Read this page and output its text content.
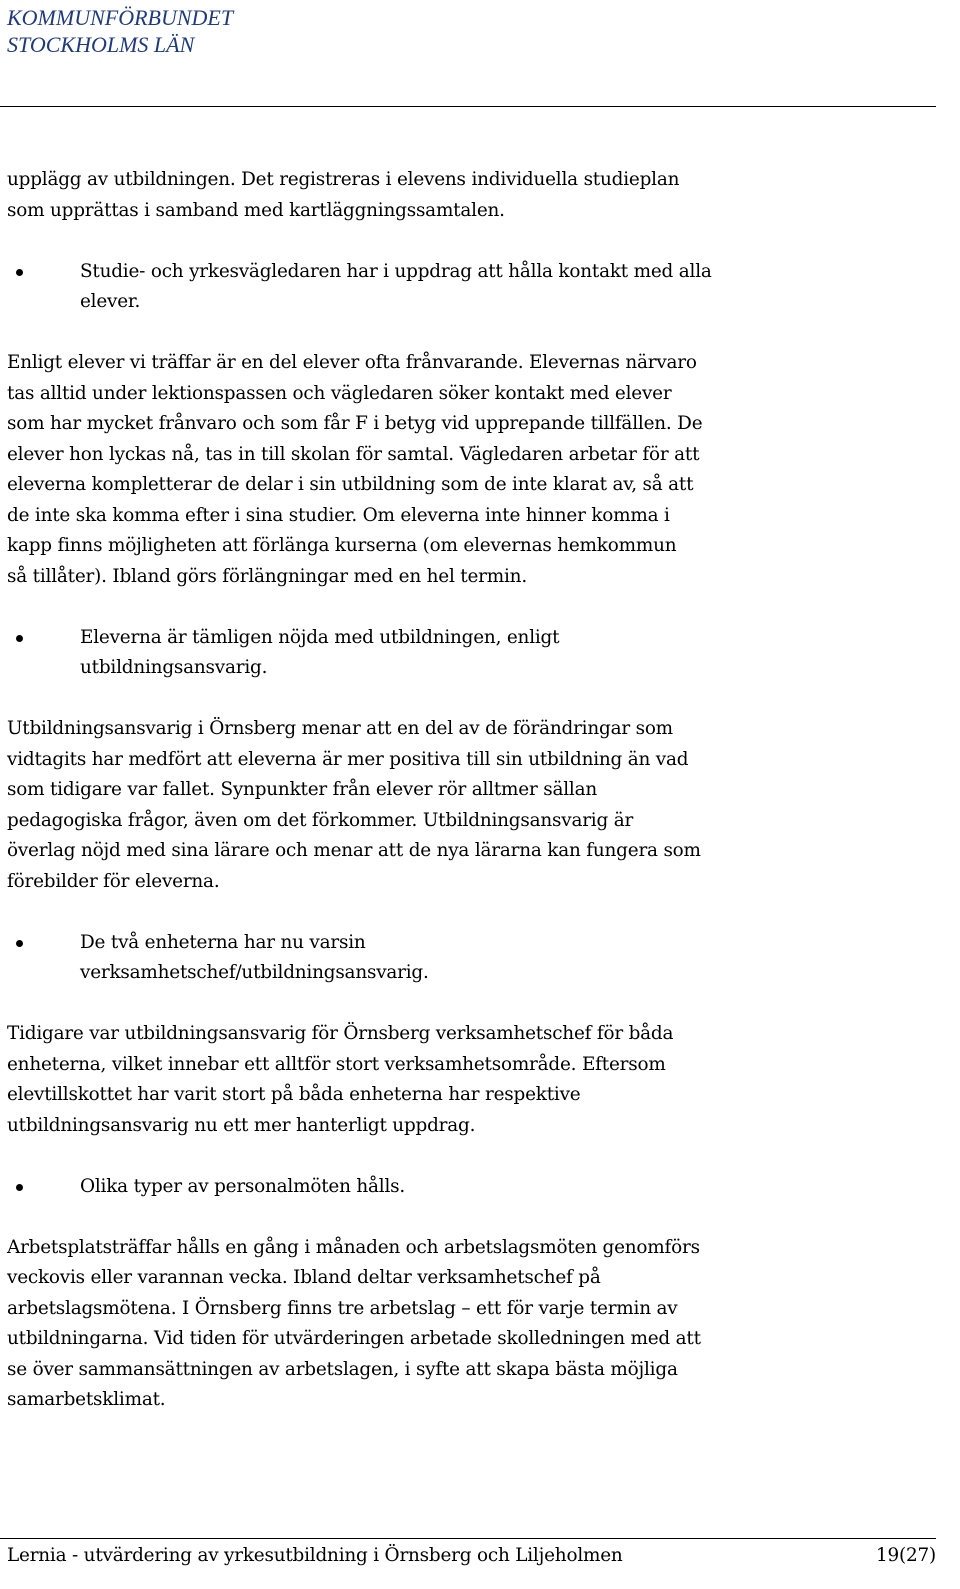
KOMMUNFÖRBUNDET
STOCKHOLMS LÄN
upplägg av utbildningen. Det registreras i elevens individuella studieplan
som upprättas i samband med kartläggningssamtalen.
Studie- och yrkesvägledaren har i uppdrag att hålla kontakt med alla
elever.
Enligt elever vi träffar är en del elever ofta frånvarande. Elevernas närvaro
tas alltid under lektionspassen och vägledaren söker kontakt med elever
som har mycket frånvaro och som får F i betyg vid upprepande tillfällen. De
elever hon lyckas nå, tas in till skolan för samtal. Vägledaren arbetar för att
eleverna kompletterar de delar i sin utbildning som de inte klarat av, så att
de inte ska komma efter i sina studier. Om eleverna inte hinner komma i
kapp finns möjligheten att förlänga kurserna (om elevernas hemkommun
så tillåter). Ibland görs förlängningar med en hel termin.
Eleverna är tämligen nöjda med utbildningen, enligt
utbildningsansvarig.
Utbildningsansvarig i Örnsberg menar att en del av de förändringar som
vidtagits har medfört att eleverna är mer positiva till sin utbildning än vad
som tidigare var fallet. Synpunkter från elever rör alltmer sällan
pedagogiska frågor, även om det förkommer. Utbildningsansvarig är
överlag nöjd med sina lärare och menar att de nya lärarna kan fungera som
förebilder för eleverna.
De två enheterna har nu varsin
verksamhetschef/utbildningsansvarig.
Tidigare var utbildningsansvarig för Örnsberg verksamhetschef för båda
enheterna, vilket innebar ett alltför stort verksamhetsområde. Eftersom
elevtillskottet har varit stort på båda enheterna har respektive
utbildningsansvarig nu ett mer hanterligt uppdrag.
Olika typer av personalmöten hålls.
Arbetsplatsträffar hålls en gång i månaden och arbetslagsmöten genomförs
veckovis eller varannan vecka. Ibland deltar verksamhetschef på
arbetslagsmötena. I Örnsberg finns tre arbetslag – ett för varje termin av
utbildningarna. Vid tiden för utvärderingen arbetade skolledningen med att
se över sammansättningen av arbetslagen, i syfte att skapa bästa möjliga
samarbetsklimat.
Lernia - utvärdering av yrkesutbildning i Örnsberg och Liljeholmen	19(27)
